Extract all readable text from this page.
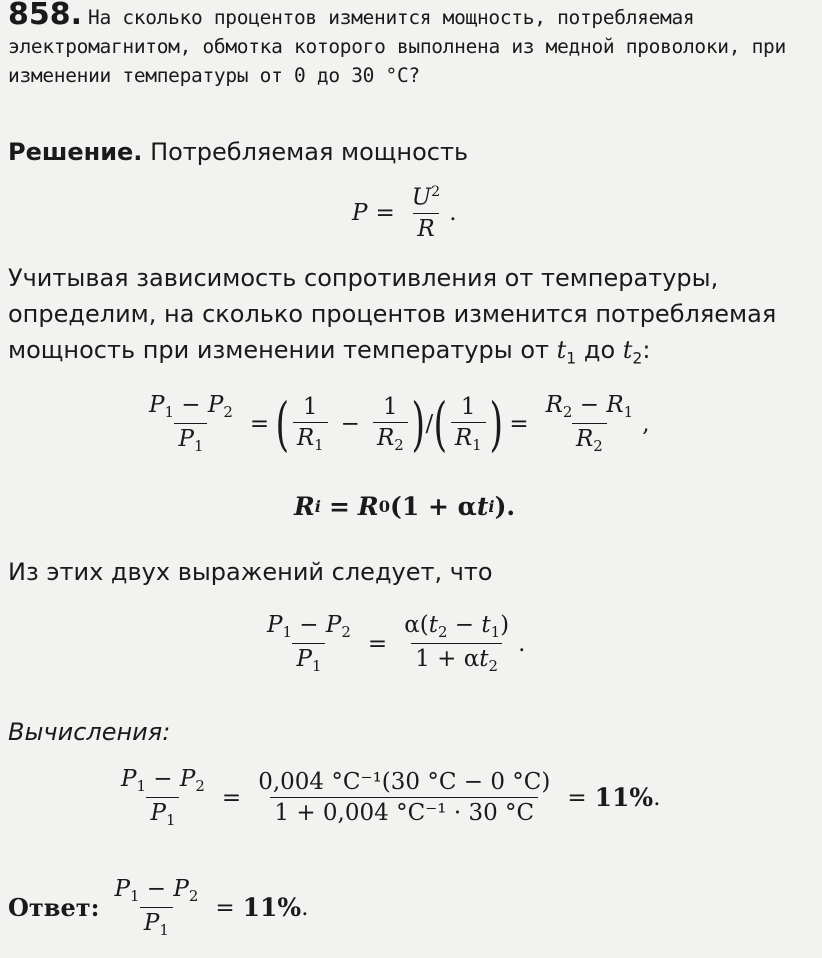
858. На сколько процентов изменится мощность, потребляемая электромагнитом, обмотка которого выполнена из медной проволоки, при изменении температуры от 0 до 30 °С?
Решение. Потребляемая мощность
$P = \frac{U^2}{R}$ .
Учитывая зависимость сопротивления от температуры, определим, на сколько процентов изменится потребляемая мощность при изменении температуры от $t_1$ до $t_2$:
$\frac{P_1 - P_2}{P_1}$ = ( $\frac{1}{R_1} - \frac{1}{R_2}$ ) / ( $\frac{1}{R_1}$ ) = $\frac{R_2 - R_1}{R_2}$ ,
R i = R 0 (1 + α t i ).
Из этих двух выражений следует, что
$\frac{P_1 - P_2}{P_1} = \frac{\alpha(t_2 - t_1)}{1 + \alpha t_2}$ .
Вычисления:
$\frac{P_1 - P_2}{P_1} = \frac{\text{0,004 °С⁻¹(30 °С − 0 °С)}}{\text{1 + 0,004 °С⁻¹ · 30 °С}} = 11\%$ .
Ответ: $\frac{P_1 - P_2}{P_1} = 11\%$ .
